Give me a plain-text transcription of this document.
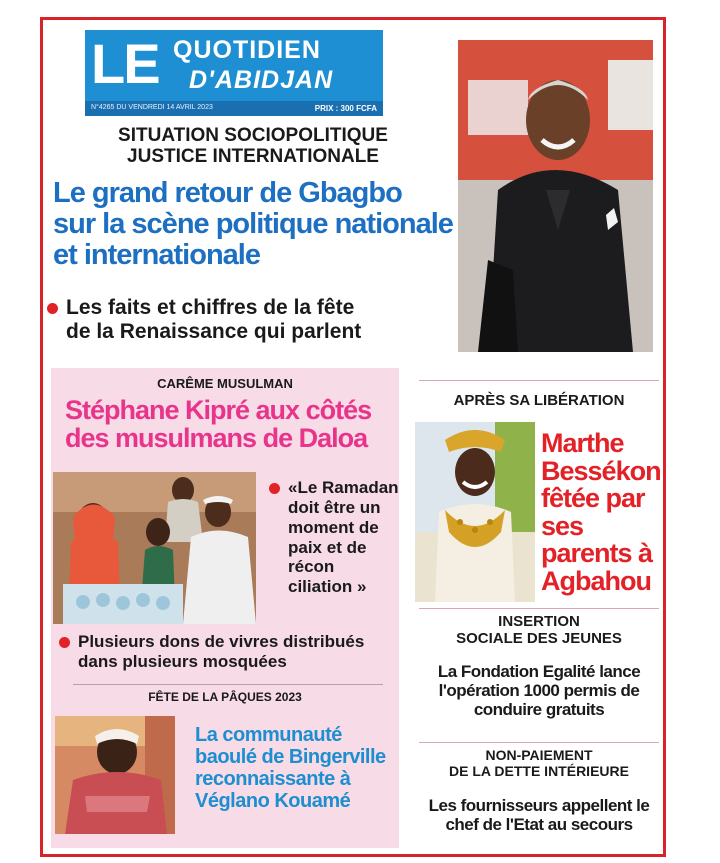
LE QUOTIDIEN
D'ABIDJAN
N°4265 DU VENDREDI 14 AVRIL 2023	PRIX : 300 FCFA
SITUATION SOCIOPOLITIQUE
JUSTICE INTERNATIONALE
Le grand retour de Gbagbo
sur la scène politique nationale
et internationale
Les faits et chiffres de la fête
de la Renaissance qui parlent
CARÊME MUSULMAN
Stéphane Kipré aux côtés
des musulmans de Daloa
«Le Ramadan doit être un moment de paix et de récon ciliation »
Plusieurs dons de vivres distribués
dans plusieurs mosquées
FÊTE DE LA PÂQUES 2023
La communauté baoulé de Bingerville reconnaissante à Véglano Kouamé
APRÈS SA LIBÉRATION
Marthe Bessékon fêtée par ses parents à Agbahou
INSERTION
SOCIALE DES JEUNES
La Fondation Egalité lance l'opération 1000 permis de conduire gratuits
NON-PAIEMENT
DE LA DETTE INTÉRIEURE
Les fournisseurs appellent le chef de l'Etat au secours
